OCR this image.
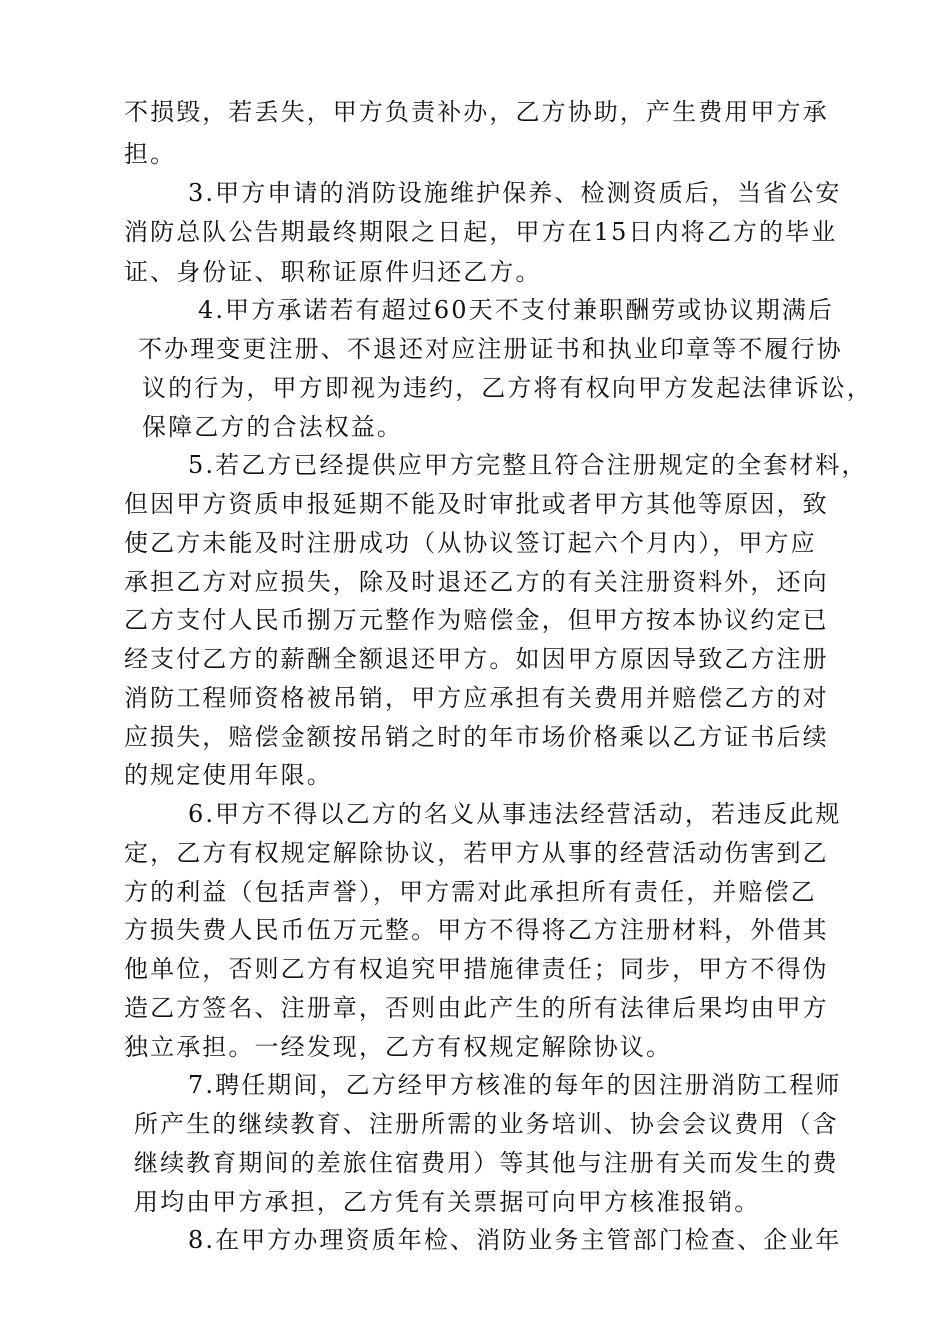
不损毁，若丢失，甲方负责补办，乙方协助，产生费用甲方承
担。
3.甲方申请的消防设施维护保养、检测资质后，当省公安
消防总队公告期最终期限之日起，甲方在15日内将乙方的毕业
证、身份证、职称证原件归还乙方。
4.甲方承诺若有超过60天不支付兼职酬劳或协议期满后
不办理变更注册、不退还对应注册证书和执业印章等不履行协
议的行为，甲方即视为违约，乙方将有权向甲方发起法律诉讼，
保障乙方的合法权益。
5.若乙方已经提供应甲方完整且符合注册规定的全套材料，
但因甲方资质申报延期不能及时审批或者甲方其他等原因，致
使乙方未能及时注册成功（从协议签订起六个月内），甲方应
承担乙方对应损失，除及时退还乙方的有关注册资料外，还向
乙方支付人民币捌万元整作为赔偿金，但甲方按本协议约定已
经支付乙方的薪酬全额退还甲方。如因甲方原因导致乙方注册
消防工程师资格被吊销，甲方应承担有关费用并赔偿乙方的对
应损失，赔偿金额按吊销之时的年市场价格乘以乙方证书后续
的规定使用年限。
6.甲方不得以乙方的名义从事违法经营活动，若违反此规
定，乙方有权规定解除协议，若甲方从事的经营活动伤害到乙
方的利益（包括声誉），甲方需对此承担所有责任，并赔偿乙
方损失费人民币伍万元整。甲方不得将乙方注册材料，外借其
他单位，否则乙方有权追究甲措施律责任；同步，甲方不得伪
造乙方签名、注册章，否则由此产生的所有法律后果均由甲方
独立承担。一经发现，乙方有权规定解除协议。
7.聘任期间，乙方经甲方核准的每年的因注册消防工程师
所产生的继续教育、注册所需的业务培训、协会会议费用（含
继续教育期间的差旅住宿费用）等其他与注册有关而发生的费
用均由甲方承担，乙方凭有关票据可向甲方核准报销。
8.在甲方办理资质年检、消防业务主管部门检查、企业年
